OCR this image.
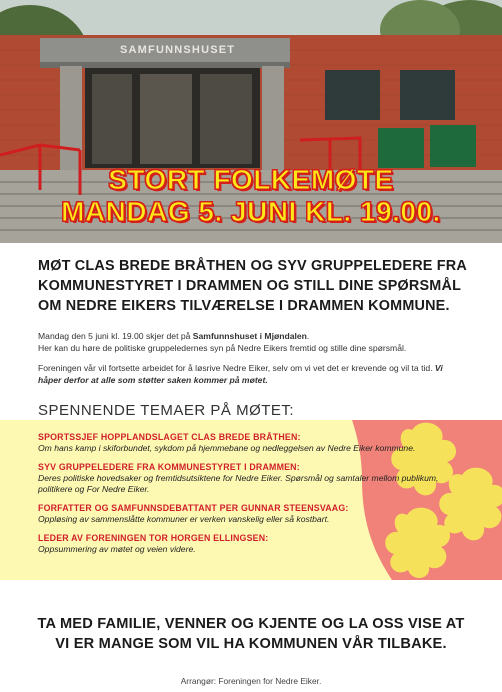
SAMFUNNSHUSET
STORT FOLKEMØTE
MANDAG 5. JUNI KL. 19.00.
MØT CLAS BREDE BRÅTHEN OG SYV GRUPPELEDERE FRA KOMMUNESTYRET I DRAMMEN OG STILL DINE SPØRSMÅL OM NEDRE EIKERS TILVÆRELSE I DRAMMEN KOMMUNE.
Mandag den 5 juni kl. 19.00 skjer det på Samfunnshuset i Mjøndalen.
Her kan du høre de politiske gruppeledernes syn på Nedre Eikers fremtid og stille dine spørsmål.
Foreningen vår vil fortsette arbeidet for å løsrive Nedre Eiker, selv om vi vet det er krevende og vil ta tid. Vi håper derfor at alle som støtter saken kommer på møtet.
SPENNENDE TEMAER PÅ MØTET:
SPORTSSJEF HOPPLANDSLAGET CLAS BREDE BRÅTHEN:
Om hans kamp i skiforbundet, sykdom på hjemmebane og nedleggelsen av Nedre Eiker kommune.
SYV GRUPPELEDERE FRA KOMMUNESTYRET I DRAMMEN:
Deres politiske hovedsaker og fremtidsutsiktene for Nedre Eiker. Spørsmål og samtaler mellom publikum, politikere og For Nedre Eiker.
FORFATTER OG SAMFUNNSDEBATTANT PER GUNNAR STEENSVAAG:
Oppløsing av sammenslåtte kommuner er verken vanskelig eller så kostbart.
LEDER AV FORENINGEN TOR HORGEN ELLINGSEN:
Oppsummering av møtet og veien videre.
TA MED FAMILIE, VENNER OG KJENTE OG LA OSS VISE AT VI ER MANGE SOM VIL HA KOMMUNEN VÅR TILBAKE.
Arrangør: Foreningen for Nedre Eiker.
